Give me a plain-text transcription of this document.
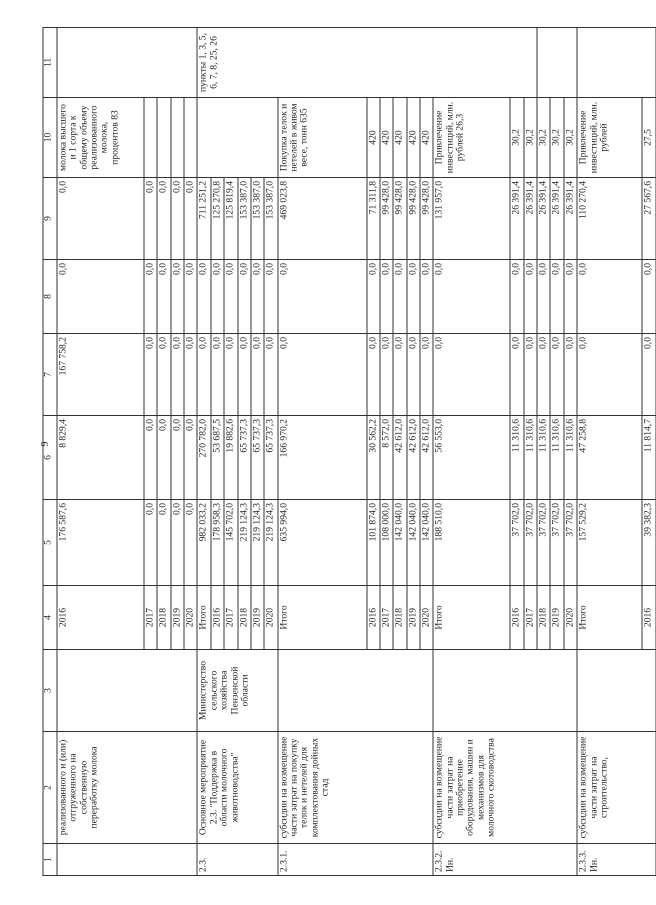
9
1	2	3	4	5	6	7	8	9	10	11	
	реализованного и (или) отгруженного на собственную переработку молока		2016	176 587,6	8 829,4	167 758,2	0,0	0,0	молока высшего и 1 сорта к общему объему реализованного молока, процентов 83		
			2017	0,0	0,0	0,0	0,0	0,0			
			2018	0,0	0,0	0,0	0,0	0,0			
			2019	0,0	0,0	0,0	0,0	0,0			
			2020	0,0	0,0	0,0	0,0	0,0			
2.3.	Основное мероприятие 2.3. "Поддержка в области молочного животноводства"	Министерство сельского хозяйства Пензенской области	Итого	982 033,2	270 782,0	0,0	0,0	711 251,2		пункты 1, 3, 5, 6, 7, 8, 25, 26	
			2016	178 958,3	53 687,5	0,0	0,0	125 270,8			
			2017	145 702,0	19 882,6	0,0	0,0	125 819,4			
			2018	219 124,3	65 737,3	0,0	0,0	153 387,0			
			2019	219 124,3	65 737,3	0,0	0,0	153 387,0			
			2020	219 124,3	65 737,3	0,0	0,0	153 387,0			
2.3.1.	субсидии на возмещение части затрат на покупку телок и нетелей для комплектования дойных стад		Итого	635 994,0	166 970,2	0,0	0,0	469 023,8	Покупка телок и нетелей в живом весе, тонн 635		
			2016	101 874,0	30 562,2	0,0	0,0	71 311,8	420		
			2017	108 000,0	8 572,0	0,0	0,0	99 428,0	420		
			2018	142 040,0	42 612,0	0,0	0,0	99 428,0	420		
			2019	142 040,0	42 612,0	0,0	0,0	99 428,0	420		
			2020	142 040,0	42 612,0	0,0	0,0	99 428,0	420		
2.3.2. Ин.	субсидии на возмещение части затрат на приобретение оборудования, машин и механизмов для молочного скотоводства		Итого	188 510,0	56 553,0	0,0	0,0	131 957,0	Привлечение инвестиций, млн. рублей 26,3		
			2016	37 702,0	11 310,6	0,0	0,0	26 391,4	30,2		
			2017	37 702,0	11 310,6	0,0	0,0	26 391,4	30,2		
			2018	37 702,0	11 310,6	0,0	0,0	26 391,4	30,2		
			2019	37 702,0	11 310,6	0,0	0,0	26 391,4	30,2		
			2020	37 702,0	11 310,6	0,0	0,0	26 391,4	30,2		
2.3.3. Ин.	субсидии на возмещение части затрат на строительство,		Итого	157 529,2	47 258,8	0,0	0,0	110 270,4	Привлечение инвестиций, млн. рублей		
			2016	39 382,3	11 814,7	0,0	0,0	27 567,6	27,5		
